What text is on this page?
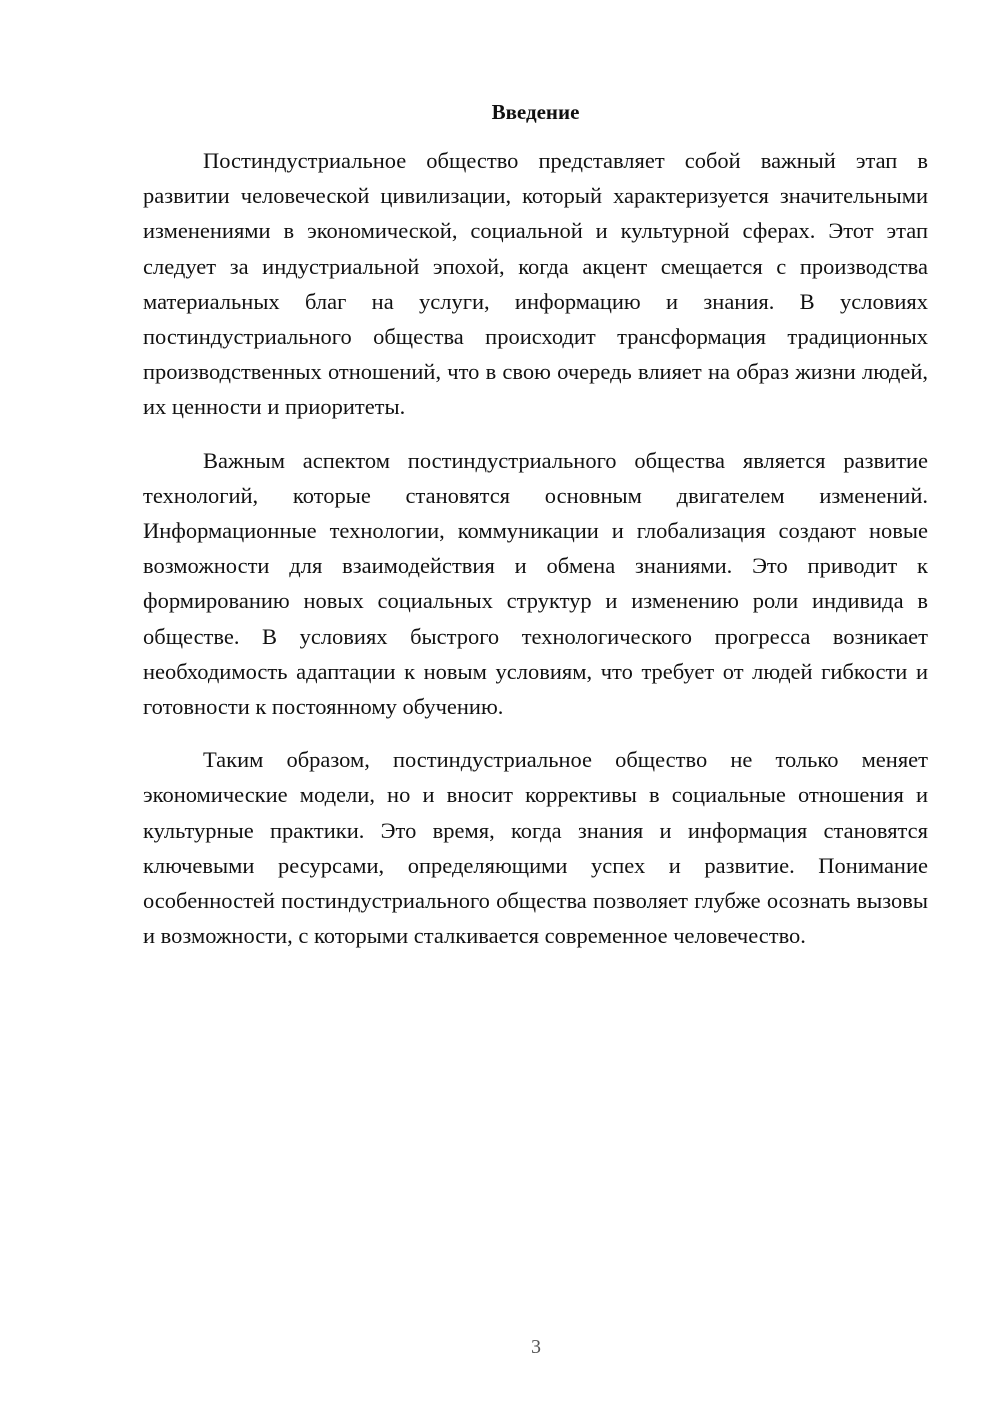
Введение

Постиндустриальное общество представляет собой важный этап в развитии человеческой цивилизации, который характеризуется значительными изменениями в экономической, социальной и культурной сферах. Этот этап следует за индустриальной эпохой, когда акцент смещается с производства материальных благ на услуги, информацию и знания. В условиях постиндустриального общества происходит трансформация традиционных производственных отношений, что в свою очередь влияет на образ жизни людей, их ценности и приоритеты.

Важным аспектом постиндустриального общества является развитие технологий, которые становятся основным двигателем изменений. Информационные технологии, коммуникации и глобализация создают новые возможности для взаимодействия и обмена знаниями. Это приводит к формированию новых социальных структур и изменению роли индивида в обществе. В условиях быстрого технологического прогресса возникает необходимость адаптации к новым условиям, что требует от людей гибкости и готовности к постоянному обучению.

Таким образом, постиндустриальное общество не только меняет экономические модели, но и вносит коррективы в социальные отношения и культурные практики. Это время, когда знания и информация становятся ключевыми ресурсами, определяющими успех и развитие. Понимание особенностей постиндустриального общества позволяет глубже осознать вызовы и возможности, с которыми сталкивается современное человечество.

3
